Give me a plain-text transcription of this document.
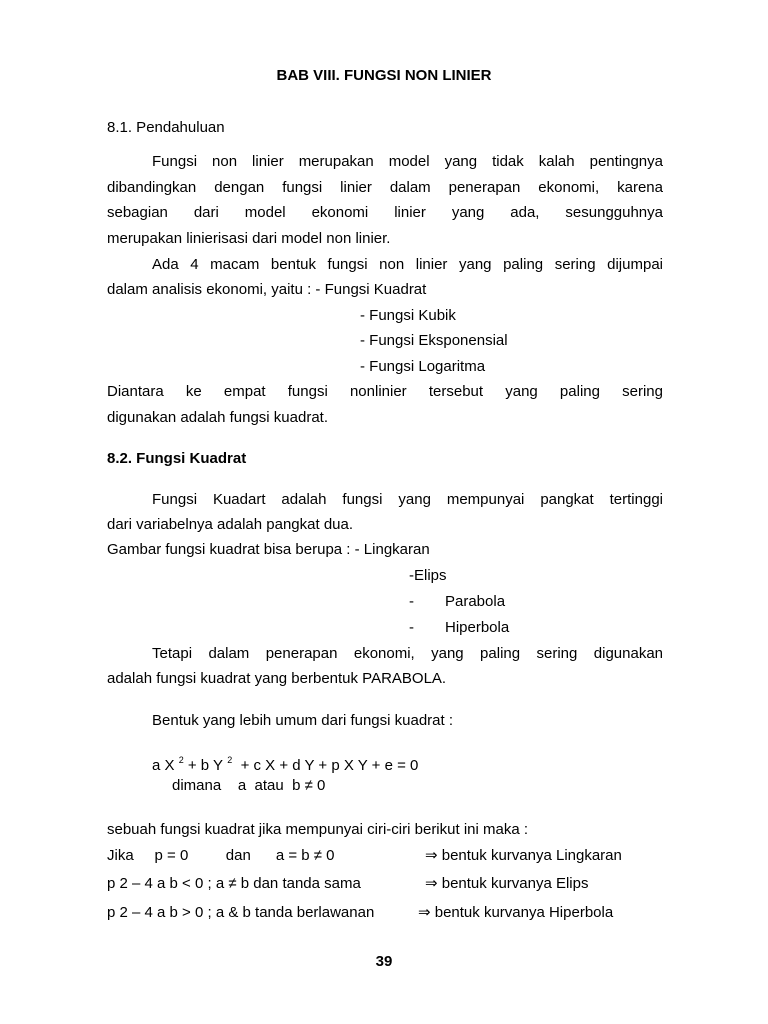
BAB VIII. FUNGSI NON LINIER
8.1. Pendahuluan
Fungsi non linier merupakan model yang tidak kalah pentingnya
dibandingkan dengan fungsi linier dalam penerapan ekonomi, karena
sebagian dari model ekonomi linier yang ada, sesungguhnya
merupakan linierisasi dari model non linier.
Ada 4 macam bentuk fungsi non linier yang paling sering dijumpai
dalam analisis ekonomi, yaitu : - Fungsi Kuadrat
- Fungsi Kubik
- Fungsi Eksponensial
- Fungsi Logaritma
Diantara ke empat fungsi nonlinier tersebut yang paling sering
digunakan adalah fungsi kuadrat.
8.2. Fungsi Kuadrat
Fungsi Kuadart adalah fungsi yang mempunyai pangkat tertinggi
dari variabelnya adalah pangkat dua.
Gambar fungsi kuadrat bisa berupa : - Lingkaran
-Elips
- Parabola
- Hiperbola
Tetapi dalam penerapan ekonomi, yang paling sering digunakan
adalah fungsi kuadrat yang berbentuk PARABOLA.
Bentuk yang lebih umum dari fungsi kuadrat :
a X $^2$ + b Y $^2$  + c X + d Y + p X Y + e = 0
dimana    a  atau  b ≠ 0
sebuah fungsi kuadrat jika mempunyai ciri-ciri berikut ini maka :
Jika     p = 0         dan      a = b ≠ 0	⇒ bentuk kurvanya Lingkaran
p 2 – 4 a b < 0 ; a ≠ b dan tanda sama	⇒ bentuk kurvanya Elips
p 2 – 4 a b > 0 ; a & b tanda berlawanan	⇒ bentuk kurvanya Hiperbola
39
